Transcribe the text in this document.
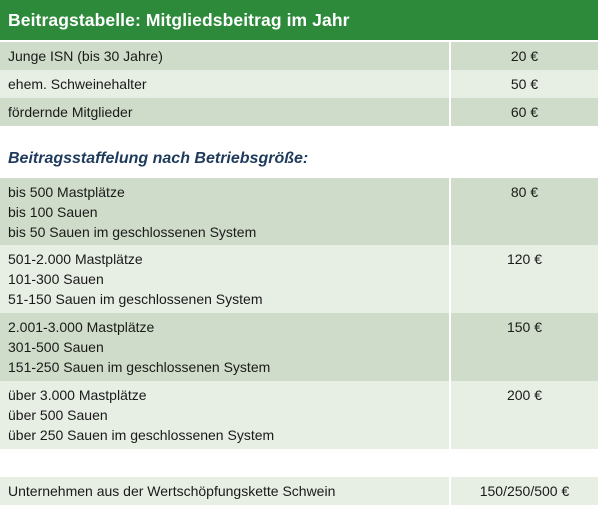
Beitragstabelle: Mitgliedsbeitrag im Jahr
Junge ISN (bis 30 Jahre)	20 €
ehem. Schweinehalter	50 €
fördernde Mitglieder	60 €
Beitragsstaffelung nach Betriebsgröße:
bis 500 Mastplätze
bis 100 Sauen
bis 50 Sauen im geschlossenen System
80 €
501-2.000 Mastplätze
101-300 Sauen
51-150 Sauen im geschlossenen System
120 €
2.001-3.000 Mastplätze
301-500 Sauen
151-250 Sauen im geschlossenen System
150 €
über 3.000 Mastplätze
über 500 Sauen
über 250 Sauen im geschlossenen System
200 €
Unternehmen aus der Wertschöpfungskette Schwein	150/250/500 €
